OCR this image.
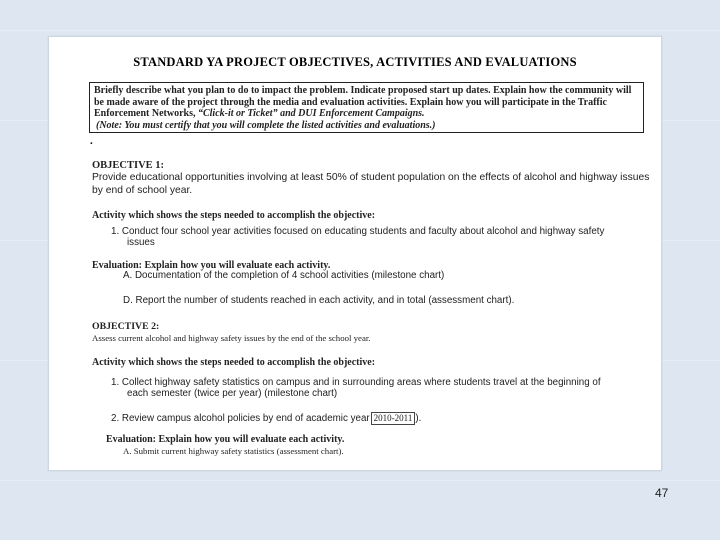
STANDARD YA PROJECT OBJECTIVES, ACTIVITIES AND EVALUATIONS
Briefly describe what you plan to do to impact the problem. Indicate proposed start up dates. Explain how the community will
be made aware of the project through the media and evaluation activities. Explain how you will participate in the Traffic
Enforcement Networks, “Click-it or Ticket” and DUI Enforcement Campaigns.
(Note: You must certify that you will complete the listed activities and evaluations.)
.
OBJECTIVE 1:
Provide educational opportunities involving at least 50% of student population on the effects of alcohol and highway issues
by end of school year.
Activity which shows the steps needed to accomplish the objective:
1. Conduct four school year activities focused on educating students and faculty about alcohol and highway safety
issues
Evaluation: Explain how you will evaluate each activity.
A. Documentation of the completion of 4 school activities (milestone chart)
D. Report the number of students reached in each activity, and in total (assessment chart).
OBJECTIVE 2:
Assess current alcohol and highway safety issues by the end of the school year.
Activity which shows the steps needed to accomplish the objective:
1. Collect highway safety statistics on campus and in surrounding areas where students travel at the beginning of
each semester (twice per year) (milestone chart)
2. Review campus alcohol policies by end of academic year 2010-2011 ).
Evaluation: Explain how you will evaluate each activity.
A. Submit current highway safety statistics (assessment chart).
47
